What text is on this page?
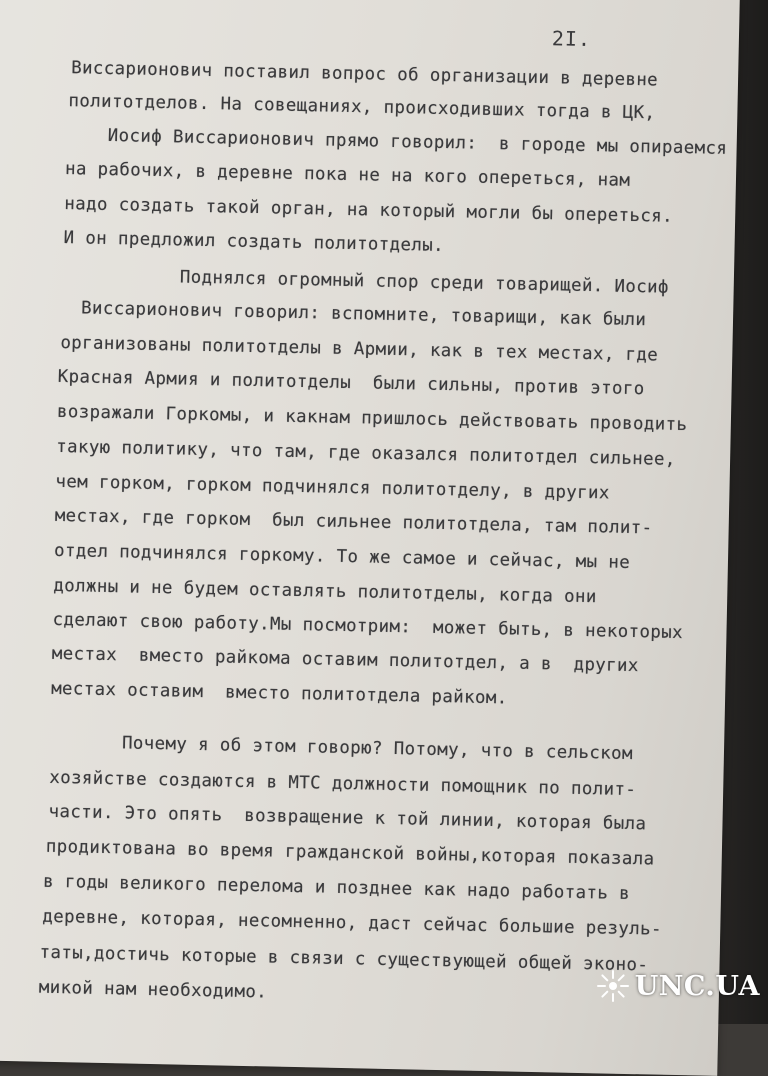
2I.
Виссарионович поставил вопрос об организации в деревне
политотделов. На совещаниях, происходивших тогда в ЦК,
Иосиф Виссарионович прямо говорил:  в городе мы опираемся
на рабочих, в деревне пока не на кого опереться, нам
надо создать такой орган, на который могли бы опереться.
И он предложил создать политотделы.
Поднялся огромный спор среди товарищей. Иосиф
Виссарионович говорил: вспомните, товарищи, как были
организованы политотделы в Армии, как в тех местах, где
Красная Армия и политотделы  были сильны, против этого
возражали Горкомы, и какнам пришлось действовать проводить
такую политику, что там, где оказался политотдел сильнее,
чем горком, горком подчинялся политотделу, в других
местах, где горком  был сильнее политотдела, там полит-
отдел подчинялся горкому. То же самое и сейчас, мы не
должны и не будем оставлять политотделы, когда они
сделают свою работу.Мы посмотрим:  может быть, в некоторых
местах  вместо райкома оставим политотдел, а в  других
местах оставим  вместо политотдела райком.
Почему я об этом говорю? Потому, что в сельском
хозяйстве создаются в МТС должности помощник по полит-
части. Это опять  возвращение к той линии, которая была
продиктована во время гражданской войны,которая показала
в годы великого перелома и позднее как надо работать в
деревне, которая, несомненно, даст сейчас большие резуль-
таты,достичь которые в связи с существующей общей эконо-
микой нам необходимо.	UNC.UA
